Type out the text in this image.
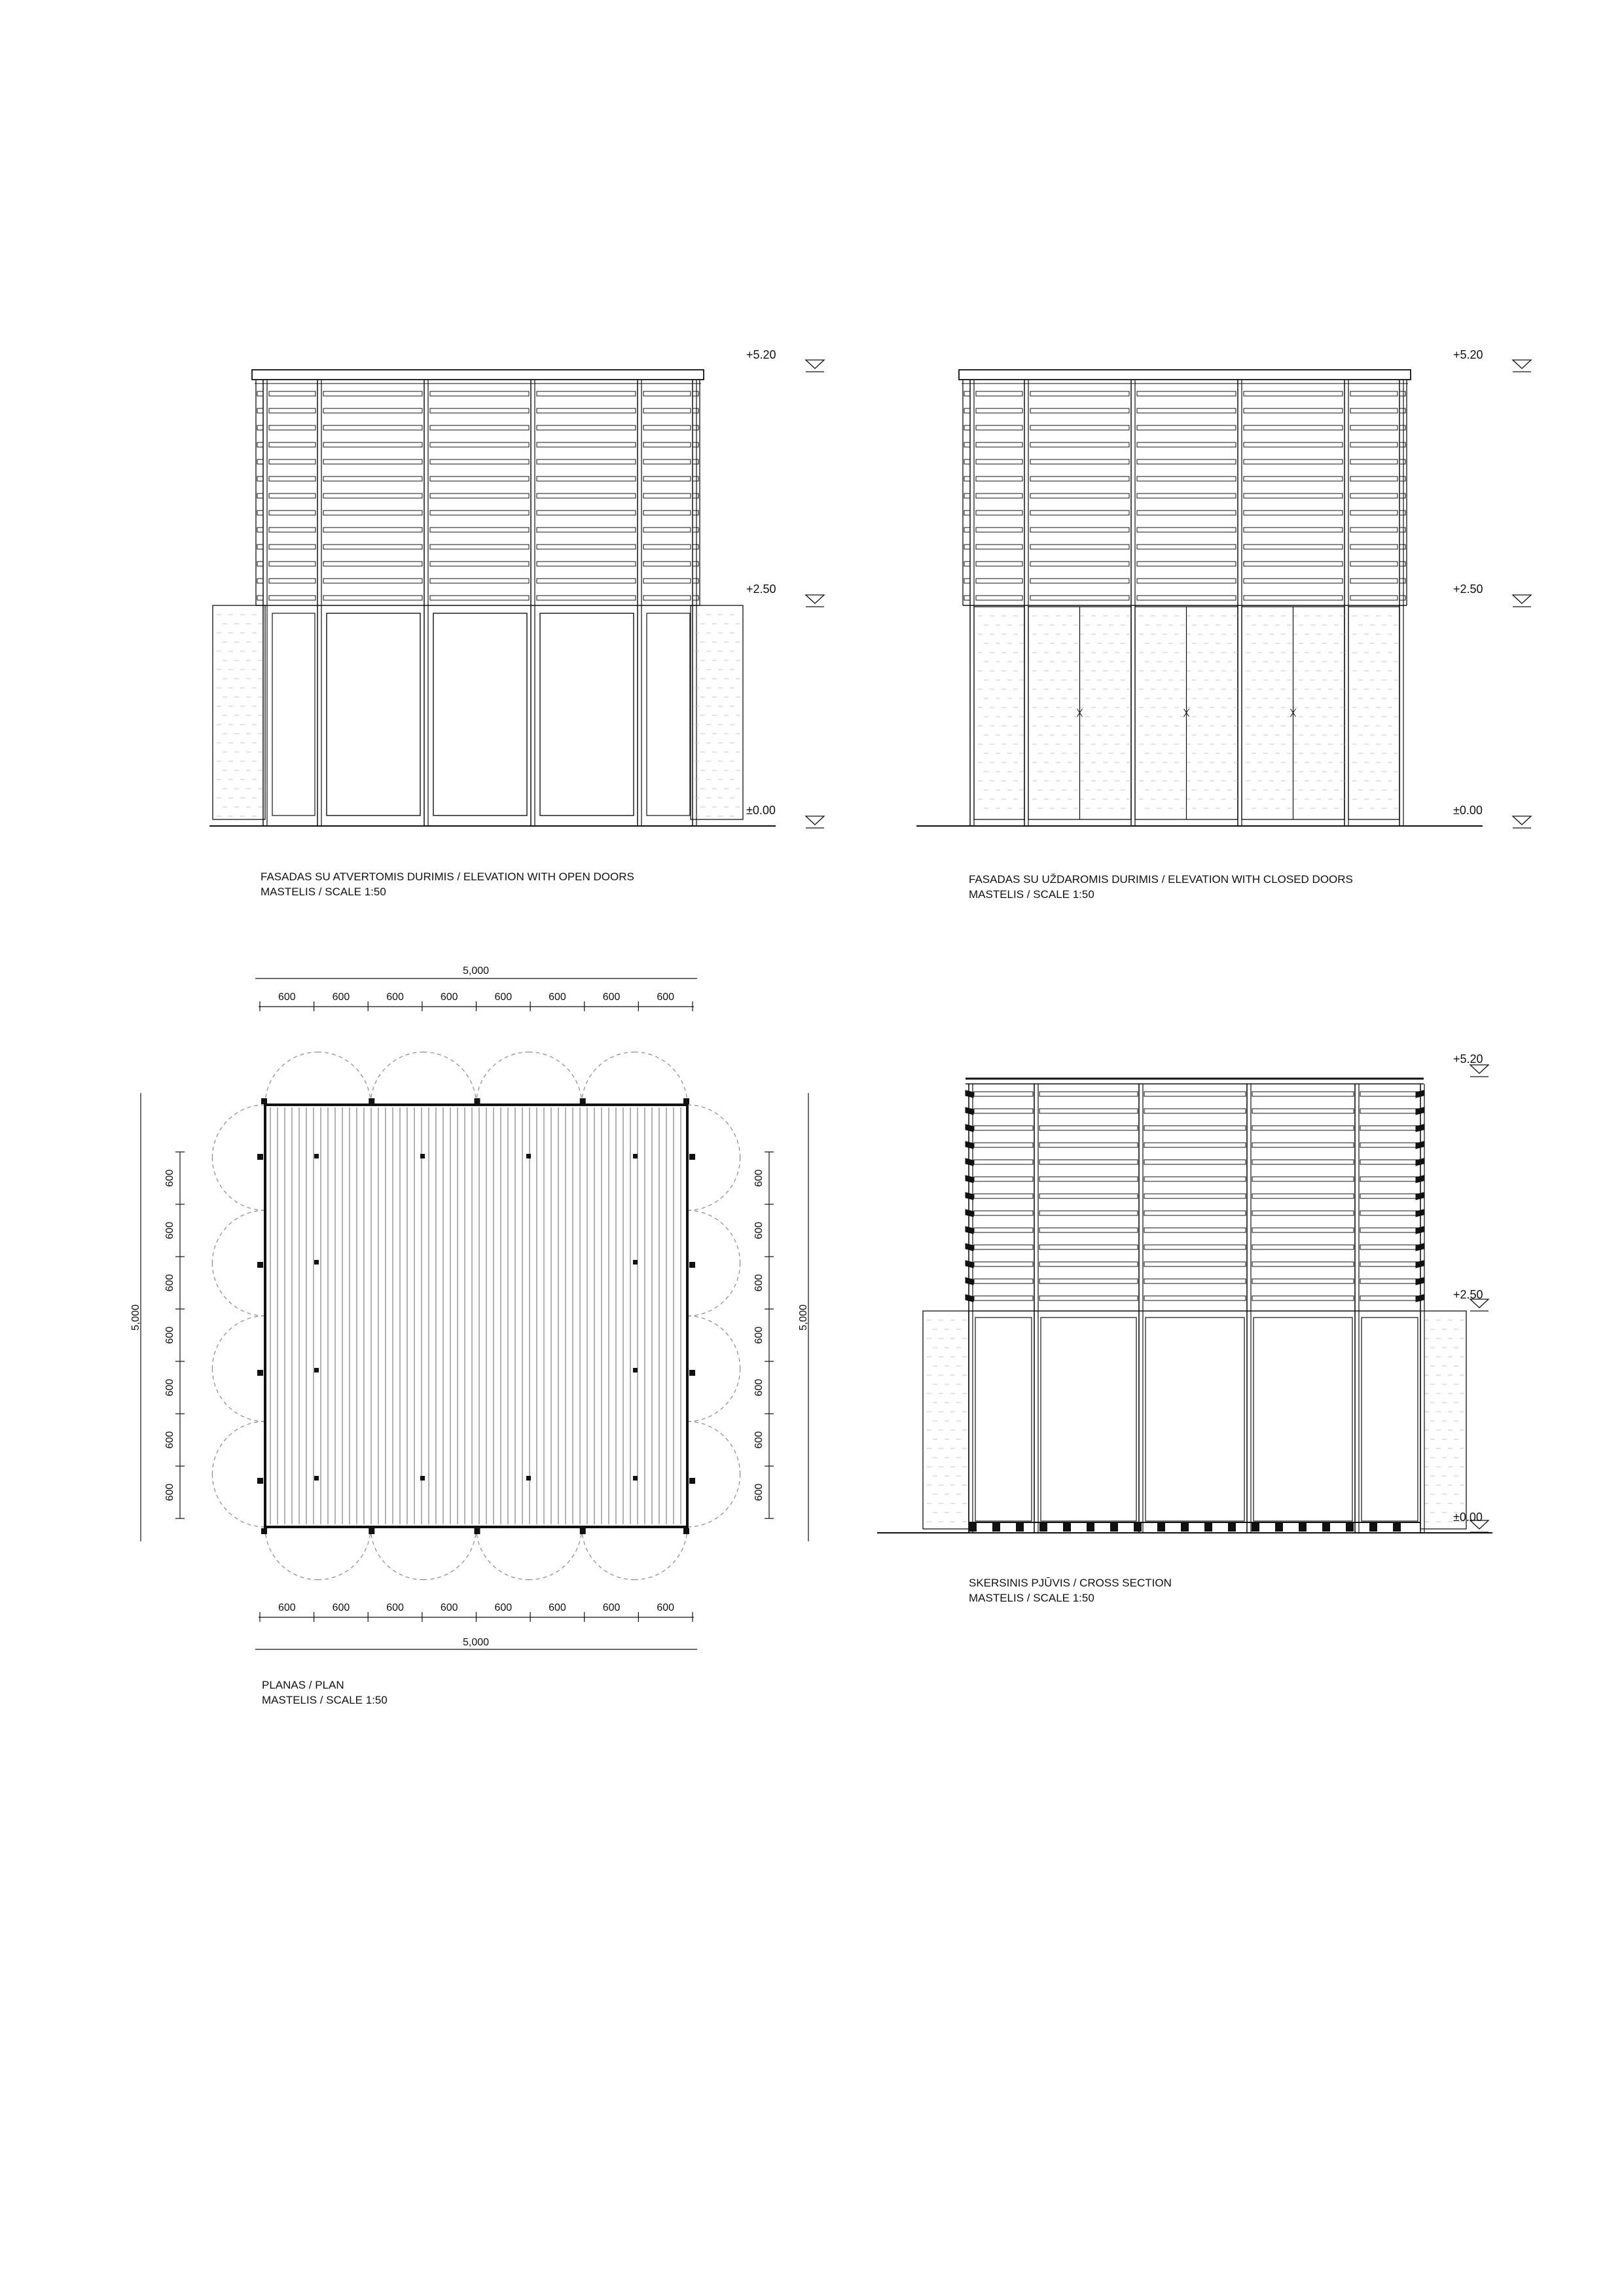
+5.20
+2.50
±0.00
FASADAS SU ATVERTOMIS DURIMIS / ELEVATION WITH OPEN DOORS
MASTELIS / SCALE 1:50
+5.20
+2.50
±0.00
FASADAS SU UŽDAROMIS DURIMIS / ELEVATION WITH CLOSED DOORS
MASTELIS / SCALE 1:50
600
600
600
600
600
600
600
600
600
600
600
600
600
600
600
600
600	600
600	600
600	600
600	600
600	600
600	600
600	600
5,000
5,000
5,000	5,000
PLANAS / PLAN
MASTELIS / SCALE 1:50
+5.20
+2.50
±0.00
SKERSINIS PJŪVIS / CROSS SECTION
MASTELIS / SCALE 1:50
